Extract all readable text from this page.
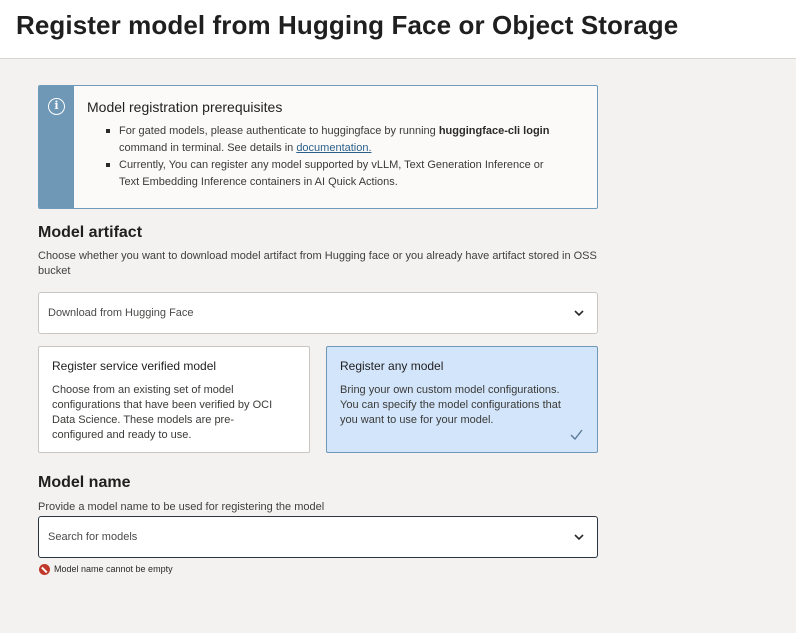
Register model from Hugging Face or Object Storage
i	Model registration prerequisites
For gated models, please authenticate to huggingface by running huggingface-cli login command in terminal. See details in documentation.
Currently, You can register any model supported by vLLM, Text Generation Inference or Text Embedding Inference containers in AI Quick Actions.
Model artifact
Choose whether you want to download model artifact from Hugging face or you already have artifact stored in OSS bucket
Download from Hugging Face
Register service verified model
Choose from an existing set of model configurations that have been verified by OCI Data Science. These models are pre-configured and ready to use.
Register any model
Bring your own custom model configurations. You can specify the model configurations that you want to use for your model.
Model name
Provide a model name to be used for registering the model
Search for models
Model name cannot be empty
